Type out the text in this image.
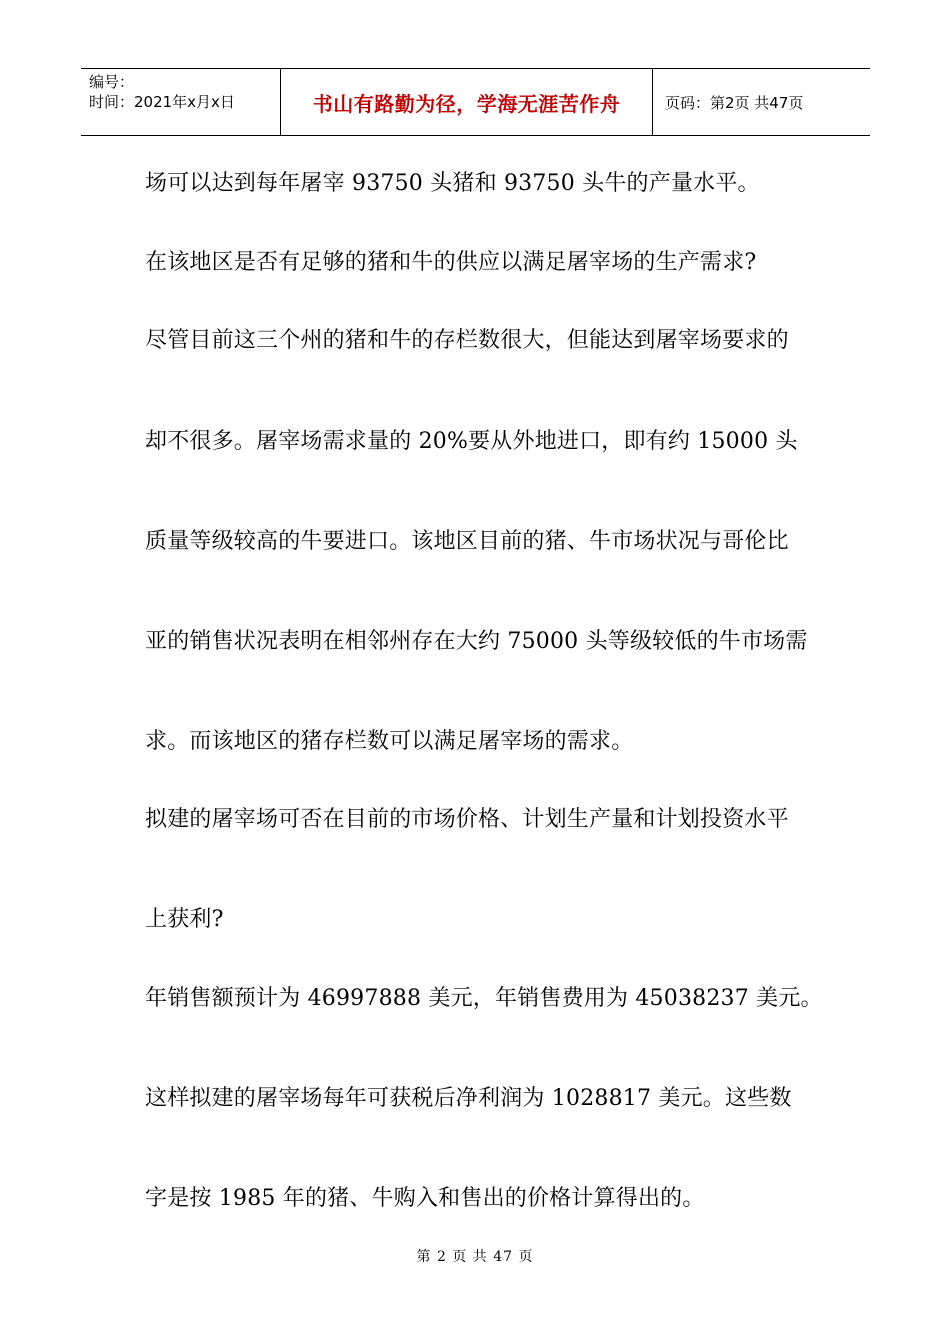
编号：
时间：2021年x月x日	书山有路勤为径，学海无涯苦作舟	页码：第2页 共47页
场可以达到每年屠宰 93750 头猪和 93750 头牛的产量水平。
在该地区是否有足够的猪和牛的供应以满足屠宰场的生产需求?
尽管目前这三个州的猪和牛的存栏数很大，但能达到屠宰场要求的
却不很多。屠宰场需求量的 20%要从外地进口，即有约 15000 头
质量等级较高的牛要进口。该地区目前的猪、牛市场状况与哥伦比
亚的销售状况表明在相邻州存在大约 75000 头等级较低的牛市场需
求。而该地区的猪存栏数可以满足屠宰场的需求。
拟建的屠宰场可否在目前的市场价格、计划生产量和计划投资水平
上获利?
年销售额预计为 46997888 美元，年销售费用为 45038237 美元。
这样拟建的屠宰场每年可获税后净利润为 1028817 美元。这些数
字是按 1985 年的猪、牛购入和售出的价格计算得出的。
第 2 页 共 47 页
